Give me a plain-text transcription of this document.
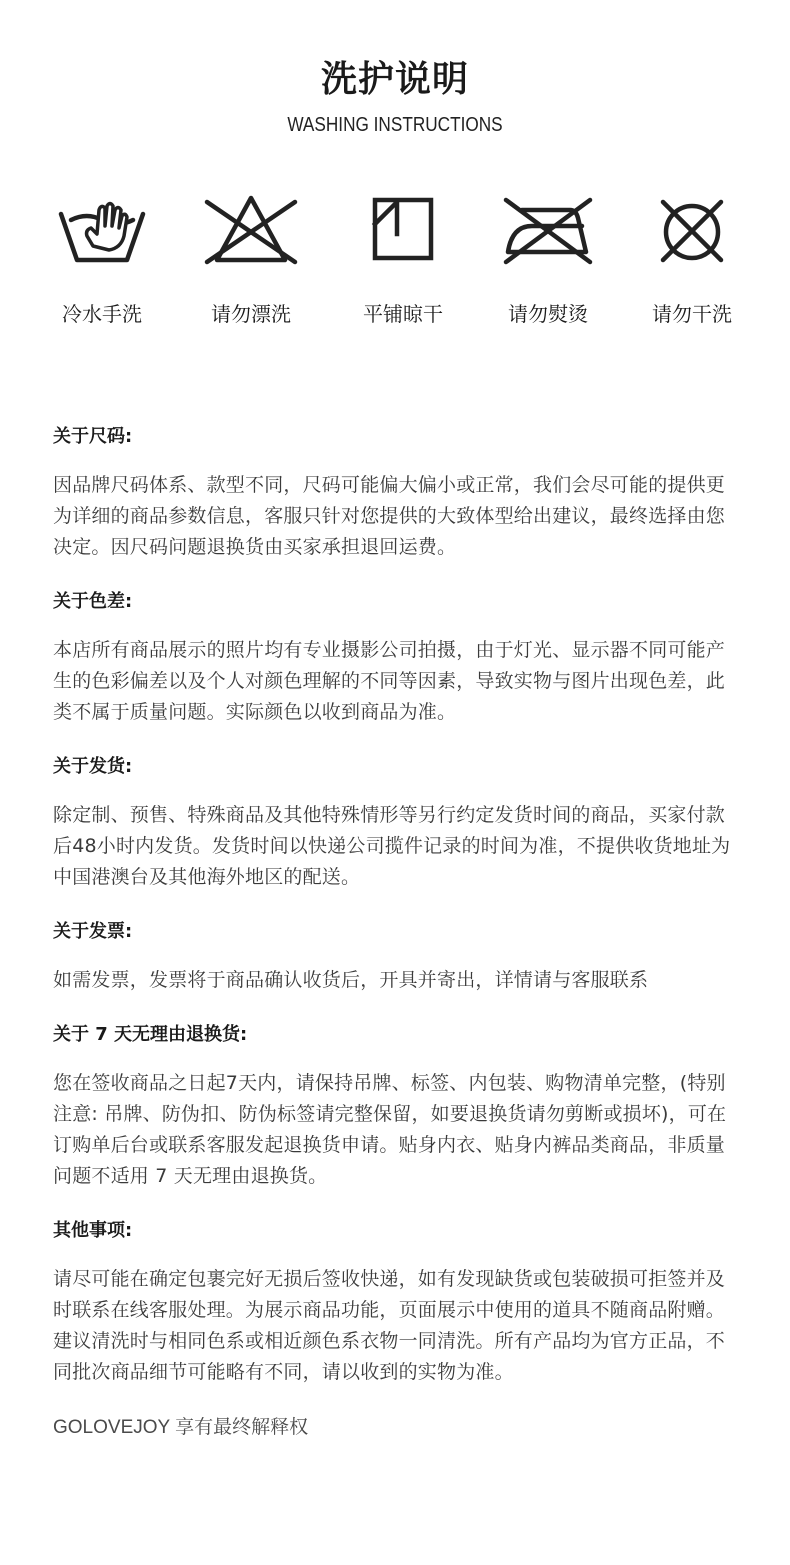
洗护说明
WASHING INSTRUCTIONS
冷水手洗	请勿漂洗	平铺晾干	请勿熨烫	请勿干洗
关于尺码:
因品牌尺码体系、款型不同，尺码可能偏大偏小或正常，我们会尽可能的提供更为详细的商品参数信息，客服只针对您提供的大致体型给出建议，最终选择由您决定。因尺码问题退换货由买家承担退回运费。
关于色差:
本店所有商品展示的照片均有专业摄影公司拍摄，由于灯光、显示器不同可能产生的色彩偏差以及个人对颜色理解的不同等因素，导致实物与图片出现色差，此类不属于质量问题。实际颜色以收到商品为准。
关于发货:
除定制、预售、特殊商品及其他特殊情形等另行约定发货时间的商品，买家付款后48小时内发货。发货时间以快递公司揽件记录的时间为准，不提供收货地址为中国港澳台及其他海外地区的配送。
关于发票:
如需发票，发票将于商品确认收货后，开具并寄出，详情请与客服联系
关于 7 天无理由退换货:
您在签收商品之日起7天内，请保持吊牌、标签、内包装、购物清单完整，(特别注意: 吊牌、防伪扣、防伪标签请完整保留，如要退换货请勿剪断或损坏)，可在订购单后台或联系客服发起退换货申请。贴身内衣、贴身内裤品类商品，非质量问题不适用 7 天无理由退换货。
其他事项:
请尽可能在确定包裹完好无损后签收快递，如有发现缺货或包装破损可拒签并及时联系在线客服处理。为展示商品功能，页面展示中使用的道具不随商品附赠。建议清洗时与相同色系或相近颜色系衣物一同清洗。所有产品均为官方正品，不同批次商品细节可能略有不同，请以收到的实物为准。
GOLOVEJOY 享有最终解释权
